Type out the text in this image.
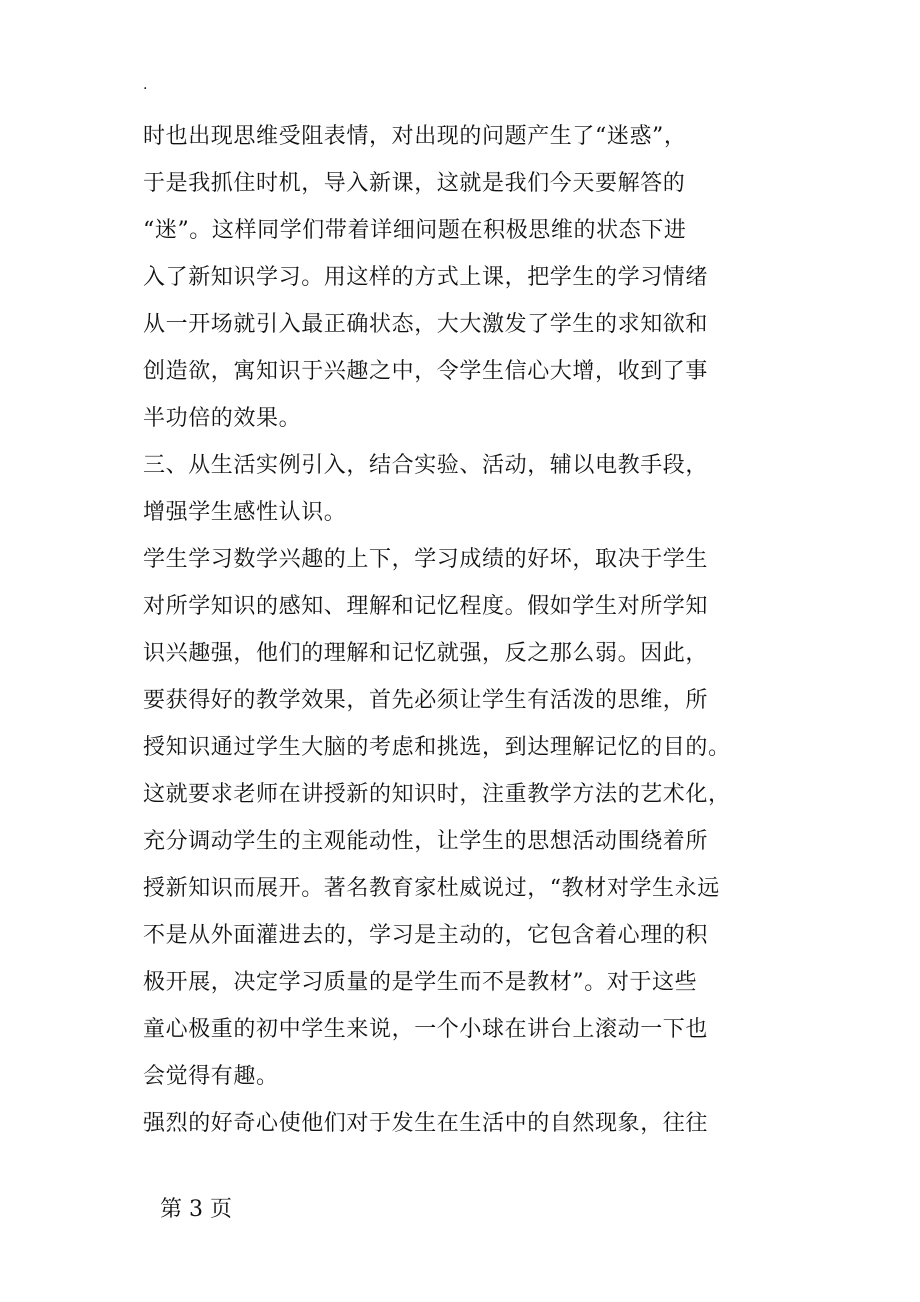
.
时也出现思维受阻表情，对出现的问题产生了“迷惑”，
于是我抓住时机，导入新课，这就是我们今天要解答的
“迷”。这样同学们带着详细问题在积极思维的状态下进
入了新知识学习。用这样的方式上课，把学生的学习情绪
从一开场就引入最正确状态，大大激发了学生的求知欲和
创造欲，寓知识于兴趣之中，令学生信心大增，收到了事
半功倍的效果。
三、从生活实例引入，结合实验、活动，辅以电教手段，
增强学生感性认识。
学生学习数学兴趣的上下，学习成绩的好坏，取决于学生
对所学知识的感知、理解和记忆程度。假如学生对所学知
识兴趣强，他们的理解和记忆就强，反之那么弱。因此，
要获得好的教学效果，首先必须让学生有活泼的思维，所
授知识通过学生大脑的考虑和挑选，到达理解记忆的目的。
这就要求老师在讲授新的知识时，注重教学方法的艺术化，
充分调动学生的主观能动性，让学生的思想活动围绕着所
授新知识而展开。著名教育家杜威说过，“教材对学生永远
不是从外面灌进去的，学习是主动的，它包含着心理的积
极开展，决定学习质量的是学生而不是教材”。对于这些
童心极重的初中学生来说，一个小球在讲台上滚动一下也
会觉得有趣。
强烈的好奇心使他们对于发生在生活中的自然现象，往往
第 3 页
